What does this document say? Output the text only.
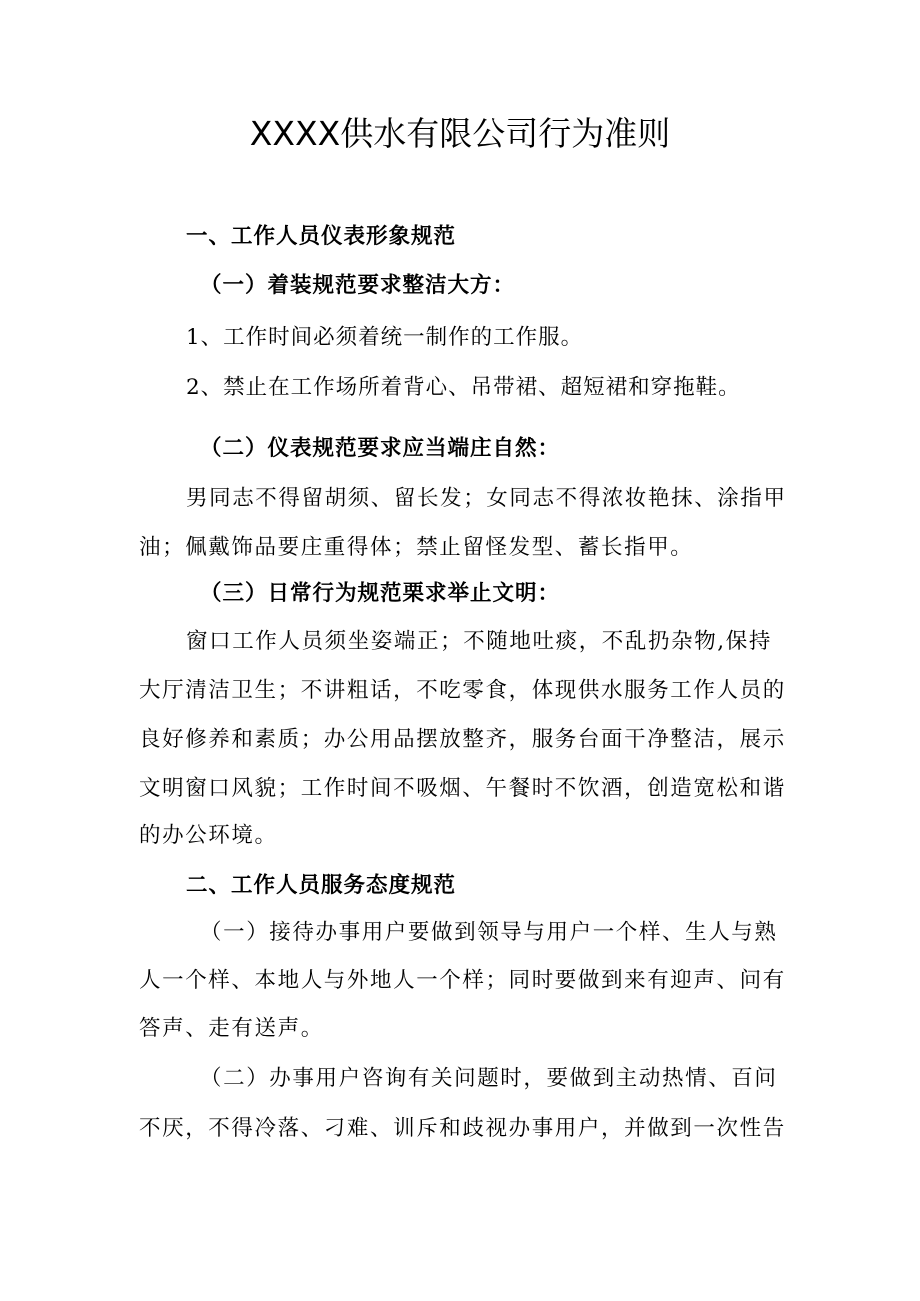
XXXX供水有限公司行为准则
一、工作人员仪表形象规范
（一）着装规范要求整洁大方：
1、工作时间必须着统一制作的工作服。
2、禁止在工作场所着背心、吊带裙、超短裙和穿拖鞋。
（二）仪表规范要求应当端庄自然：
男同志不得留胡须、留长发；女同志不得浓妆艳抹、涂指甲
油；佩戴饰品要庄重得体；禁止留怪发型、蓄长指甲。
（三）日常行为规范栗求举止文明：
窗口工作人员须坐姿端正；不随地吐痰，不乱扔杂物,保持
大厅清洁卫生；不讲粗话，不吃零食，体现供水服务工作人员的
良好修养和素质；办公用品摆放整齐，服务台面干净整洁，展示
文明窗口风貌；工作时间不吸烟、午餐时不饮酒，创造宽松和谐
的办公环境。
二、工作人员服务态度规范
（一）接待办事用户要做到领导与用户一个样、生人与熟
人一个样、本地人与外地人一个样；同时要做到来有迎声、问有
答声、走有送声。
（二）办事用户咨询有关问题时，要做到主动热情、百问
不厌，不得冷落、刁难、训斥和歧视办事用户，并做到一次性告
